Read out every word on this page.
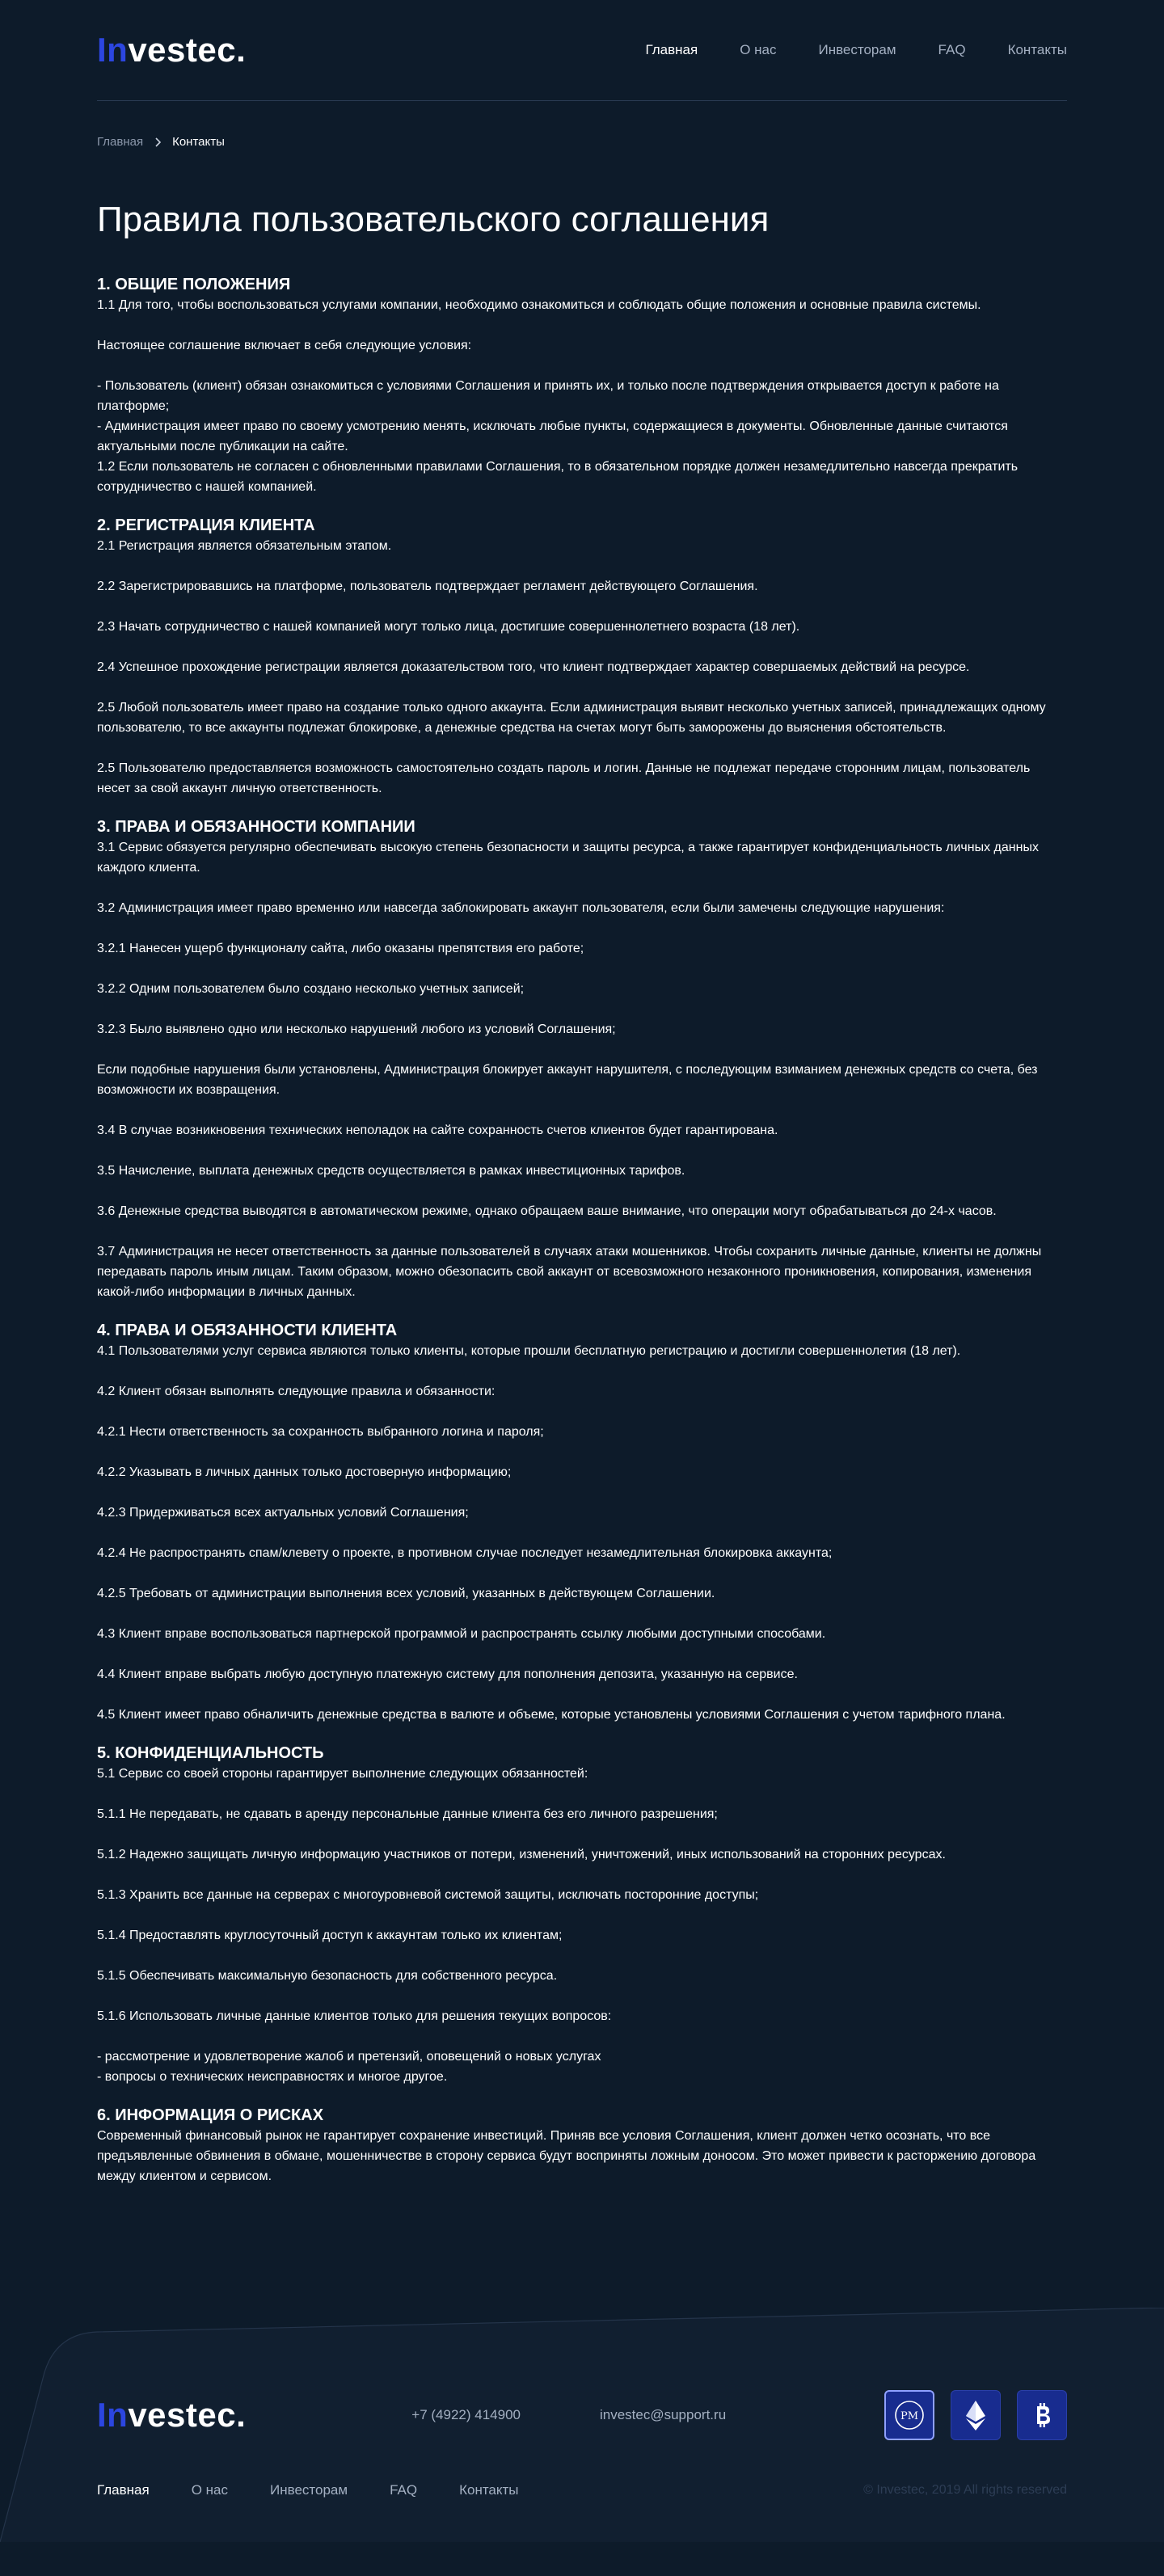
In vestec.	Главная	О нас	Инвесторам	FAQ	Контакты
Главная Контакты
Правила пользовательского соглашения
1. ОБЩИЕ ПОЛОЖЕНИЯ

1.1 Для того, чтобы воспользоваться услугами компании, необходимо ознакомиться и соблюдать общие положения и основные правила системы.

Настоящее соглашение включает в себя следующие условия:

- Пользователь (клиент) обязан ознакомиться с условиями Соглашения и принять их, и только после подтверждения открывается доступ к работе на платформе;

- Администрация имеет право по своему усмотрению менять, исключать любые пункты, содержащиеся в документы. Обновленные данные считаются актуальными после публикации на сайте.

1.2 Если пользователь не согласен с обновленными правилами Соглашения, то в обязательном порядке должен незамедлительно навсегда прекратить сотрудничество с нашей компанией.

2. РЕГИСТРАЦИЯ КЛИЕНТА

2.1 Регистрация является обязательным этапом.

2.2 Зарегистрировавшись на платформе, пользователь подтверждает регламент действующего Соглашения.

2.3 Начать сотрудничество с нашей компанией могут только лица, достигшие совершеннолетнего возраста (18 лет).

2.4 Успешное прохождение регистрации является доказательством того, что клиент подтверждает характер совершаемых действий на ресурсе.

2.5 Любой пользователь имеет право на создание только одного аккаунта. Если администрация выявит несколько учетных записей, принадлежащих одному пользователю, то все аккаунты подлежат блокировке, а денежные средства на счетах могут быть заморожены до выяснения обстоятельств.

2.5 Пользователю предоставляется возможность самостоятельно создать пароль и логин. Данные не подлежат передаче сторонним лицам, пользователь несет за свой аккаунт личную ответственность.

3. ПРАВА И ОБЯЗАННОСТИ КОМПАНИИ

3.1 Сервис обязуется регулярно обеспечивать высокую степень безопасности и защиты ресурса, а также гарантирует конфиденциальность личных данных каждого клиента.

3.2 Администрация имеет право временно или навсегда заблокировать аккаунт пользователя, если были замечены следующие нарушения:

3.2.1 Нанесен ущерб функционалу сайта, либо оказаны препятствия его работе;

3.2.2 Одним пользователем было создано несколько учетных записей;

3.2.3 Было выявлено одно или несколько нарушений любого из условий Соглашения;

Если подобные нарушения были установлены, Администрация блокирует аккаунт нарушителя, с последующим взиманием денежных средств со счета, без возможности их возвращения.

3.4 В случае возникновения технических неполадок на сайте сохранность счетов клиентов будет гарантирована.

3.5 Начисление, выплата денежных средств осуществляется в рамках инвестиционных тарифов.

3.6 Денежные средства выводятся в автоматическом режиме, однако обращаем ваше внимание, что операции могут обрабатываться до 24-х часов.

3.7 Администрация не несет ответственность за данные пользователей в случаях атаки мошенников. Чтобы сохранить личные данные, клиенты не должны передавать пароль иным лицам. Таким образом, можно обезопасить свой аккаунт от всевозможного незаконного проникновения, копирования, изменения какой-либо информации в личных данных.

4. ПРАВА И ОБЯЗАННОСТИ КЛИЕНТА

4.1 Пользователями услуг сервиса являются только клиенты, которые прошли бесплатную регистрацию и достигли совершеннолетия (18 лет).

4.2 Клиент обязан выполнять следующие правила и обязанности:

4.2.1 Нести ответственность за сохранность выбранного логина и пароля;

4.2.2 Указывать в личных данных только достоверную информацию;

4.2.3 Придерживаться всех актуальных условий Соглашения;

4.2.4 Не распространять спам/клевету о проекте, в противном случае последует незамедлительная блокировка аккаунта;

4.2.5 Требовать от администрации выполнения всех условий, указанных в действующем Соглашении.

4.3 Клиент вправе воспользоваться партнерской программой и распространять ссылку любыми доступными способами.

4.4 Клиент вправе выбрать любую доступную платежную систему для пополнения депозита, указанную на сервисе.

4.5 Клиент имеет право обналичить денежные средства в валюте и объеме, которые установлены условиями Соглашения с учетом тарифного плана.

5. КОНФИДЕНЦИАЛЬНОСТЬ

5.1 Сервис со своей стороны гарантирует выполнение следующих обязанностей:

5.1.1 Не передавать, не сдавать в аренду персональные данные клиента без его личного разрешения;

5.1.2 Надежно защищать личную информацию участников от потери, изменений, уничтожений, иных использований на сторонних ресурсах.

5.1.3 Хранить все данные на серверах с многоуровневой системой защиты, исключать посторонние доступы;

5.1.4 Предоставлять круглосуточный доступ к аккаунтам только их клиентам;

5.1.5 Обеспечивать максимальную безопасность для собственного ресурса.

5.1.6 Использовать личные данные клиентов только для решения текущих вопросов:

- рассмотрение и удовлетворение жалоб и претензий, оповещений о новых услугах

- вопросы о технических неисправностях и многое другое.

6. ИНФОРМАЦИЯ О РИСКАХ

Современный финансовый рынок не гарантирует сохранение инвестиций. Приняв все условия Соглашения, клиент должен четко осознать, что все предъявленные обвинения в обмане, мошенничестве в сторону сервиса будут восприняты ложным доносом. Это может привести к расторжению договора между клиентом и сервисом.

In vestec.	+7 (4922) 414900	investec@support.ru	PM
Главная	О нас	Инвесторам	FAQ	Контакты	© Investec, 2019 All rights reserved
